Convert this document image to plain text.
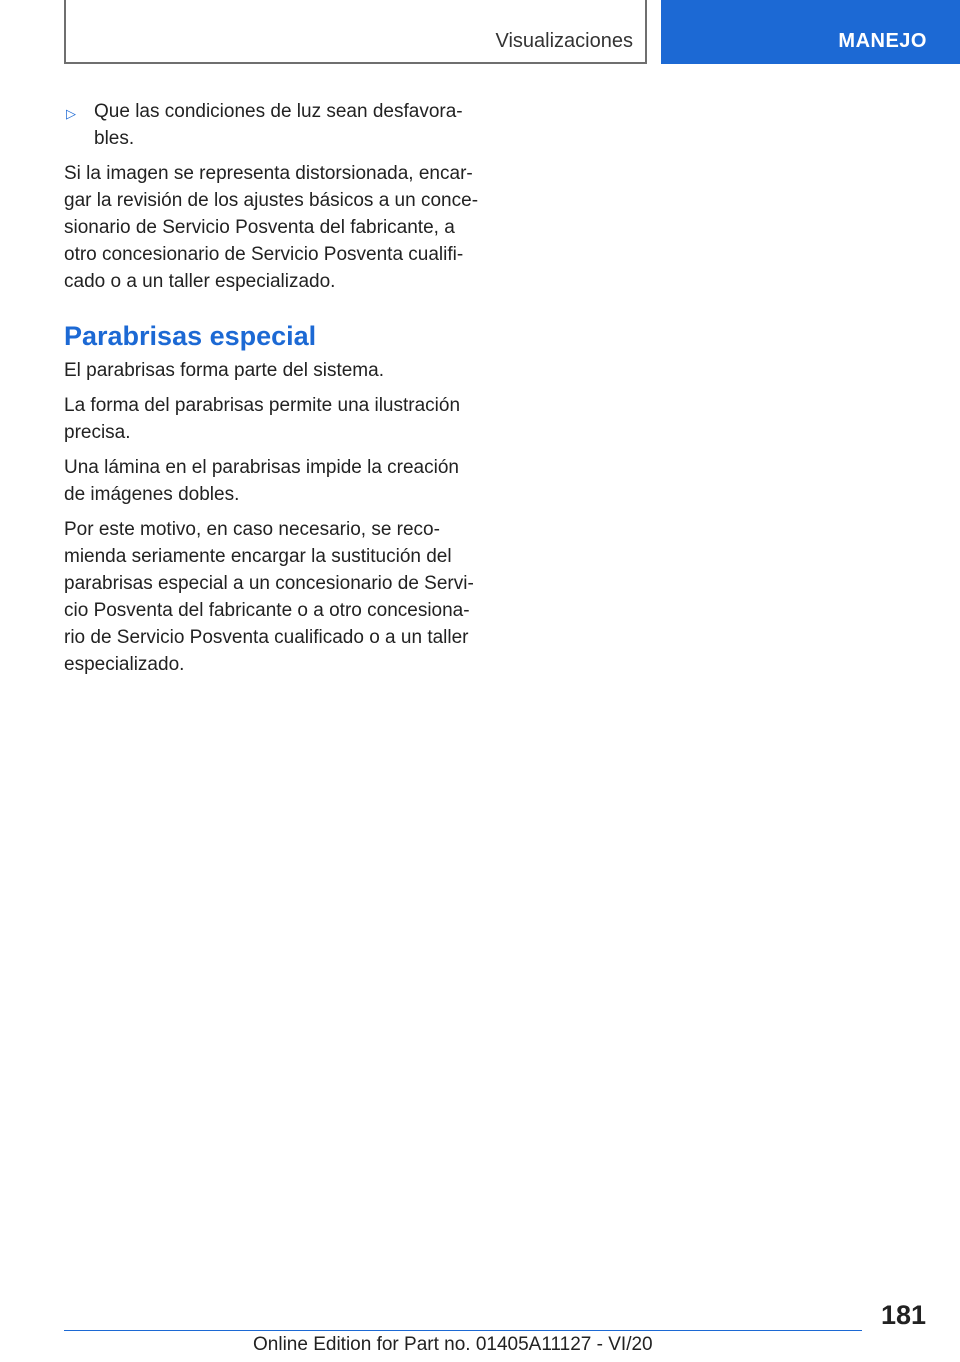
Visualizaciones	MANEJO
▷ Que las condiciones de luz sean desfavorables.

Si la imagen se representa distorsionada, encargar la revisión de los ajustes básicos a un concesionario de Servicio Posventa del fabricante, a otro concesionario de Servicio Posventa cualificado o a un taller especializado.

Parabrisas especial

El parabrisas forma parte del sistema.

La forma del parabrisas permite una ilustración precisa.

Una lámina en el parabrisas impide la creación de imágenes dobles.

Por este motivo, en caso necesario, se recomienda seriamente encargar la sustitución del parabrisas especial a un concesionario de Servicio Posventa del fabricante o a otro concesionario de Servicio Posventa cualificado o a un taller especializado.

181
Online Edition for Part no. 01405A11127 - VI/20
